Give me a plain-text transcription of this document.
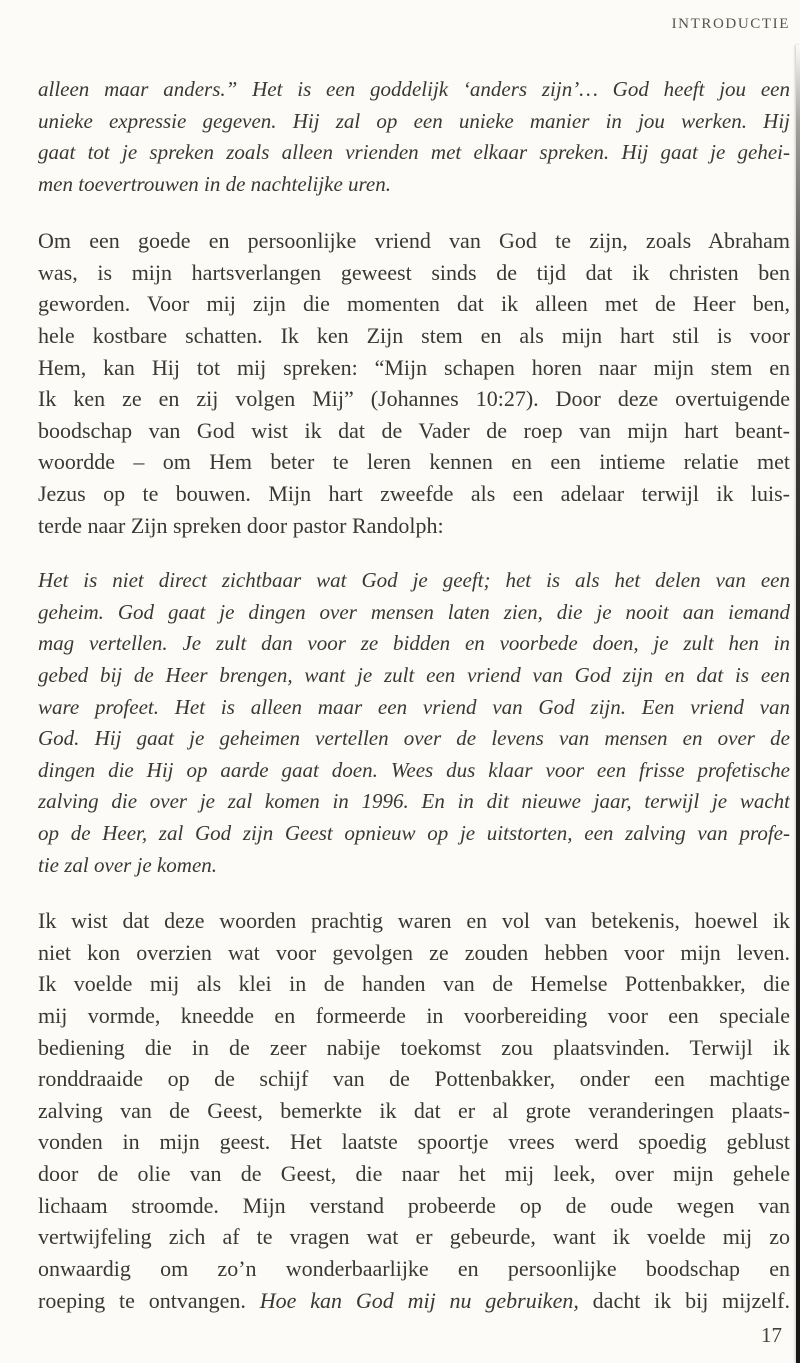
INTRODUCTIE
alleen maar anders.” Het is een goddelijk ‘anders zijn’… God heeft jou een
unieke expressie gegeven. Hij zal op een unieke manier in jou werken. Hij
gaat tot je spreken zoals alleen vrienden met elkaar spreken. Hij gaat je gehei-
men toevertrouwen in de nachtelijke uren.
Om een goede en persoonlijke vriend van God te zijn, zoals Abraham
was, is mijn hartsverlangen geweest sinds de tijd dat ik christen ben
geworden. Voor mij zijn die momenten dat ik alleen met de Heer ben,
hele kostbare schatten. Ik ken Zijn stem en als mijn hart stil is voor
Hem, kan Hij tot mij spreken: “Mijn schapen horen naar mijn stem en
Ik ken ze en zij volgen Mij” (Johannes 10:27). Door deze overtuigende
boodschap van God wist ik dat de Vader de roep van mijn hart beant-
woordde – om Hem beter te leren kennen en een intieme relatie met
Jezus op te bouwen. Mijn hart zweefde als een adelaar terwijl ik luis-
terde naar Zijn spreken door pastor Randolph:
Het is niet direct zichtbaar wat God je geeft; het is als het delen van een
geheim. God gaat je dingen over mensen laten zien, die je nooit aan iemand
mag vertellen. Je zult dan voor ze bidden en voorbede doen, je zult hen in
gebed bij de Heer brengen, want je zult een vriend van God zijn en dat is een
ware profeet. Het is alleen maar een vriend van God zijn. Een vriend van
God. Hij gaat je geheimen vertellen over de levens van mensen en over de
dingen die Hij op aarde gaat doen. Wees dus klaar voor een frisse profetische
zalving die over je zal komen in 1996. En in dit nieuwe jaar, terwijl je wacht
op de Heer, zal God zijn Geest opnieuw op je uitstorten, een zalving van profe-
tie zal over je komen.
Ik wist dat deze woorden prachtig waren en vol van betekenis, hoewel ik
niet kon overzien wat voor gevolgen ze zouden hebben voor mijn leven.
Ik voelde mij als klei in de handen van de Hemelse Pottenbakker, die
mij vormde, kneedde en formeerde in voorbereiding voor een speciale
bediening die in de zeer nabije toekomst zou plaatsvinden. Terwijl ik
ronddraaide op de schijf van de Pottenbakker, onder een machtige
zalving van de Geest, bemerkte ik dat er al grote veranderingen plaats-
vonden in mijn geest. Het laatste spoortje vrees werd spoedig geblust
door de olie van de Geest, die naar het mij leek, over mijn gehele
lichaam stroomde. Mijn verstand probeerde op de oude wegen van
vertwijfeling zich af te vragen wat er gebeurde, want ik voelde mij zo
onwaardig om zo’n wonderbaarlijke en persoonlijke boodschap en
roeping te ontvangen. Hoe kan God mij nu gebruiken, dacht ik bij mijzelf.
17
